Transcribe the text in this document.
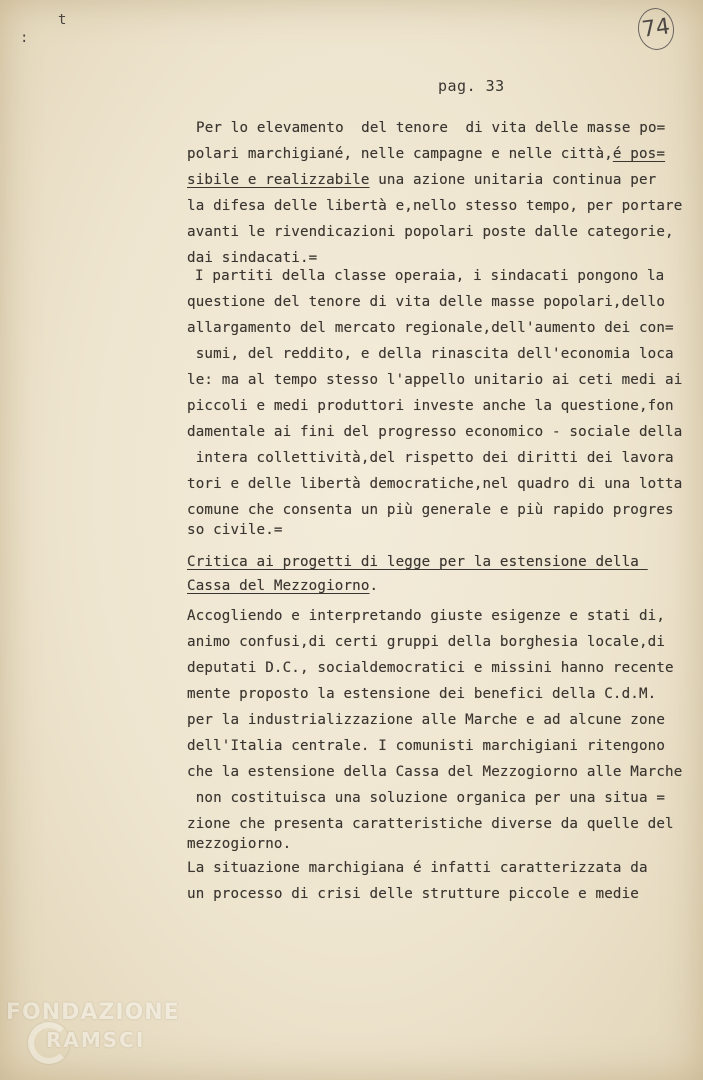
t
:	74
pag. 33
Per lo elevamento  del tenore  di vita delle masse po=
polari marchigiané, nelle campagne e nelle città,é pos=
sibile e realizzabile una azione unitaria continua per
la difesa delle libertà e,nello stesso tempo, per portare
avanti le rivendicazioni popolari poste dalle categorie,
dai sindacati.=
I partiti della classe operaia, i sindacati pongono la
questione del tenore di vita delle masse popolari,dello
allargamento del mercato regionale,dell'aumento dei con=
sumi, del reddito, e della rinascita dell'economia loca
le: ma al tempo stesso l'appello unitario ai ceti medi ai
piccoli e medi produttori investe anche la questione,fon
damentale ai fini del progresso economico - sociale della
intera collettività,del rispetto dei diritti dei lavora
tori e delle libertà democratiche,nel quadro di una lotta
comune che consenta un più generale e più rapido progres
so civile.=
Critica ai progetti di legge per la estensione della
Cassa del Mezzogiorno.
Accogliendo e interpretando giuste esigenze e stati di,
animo confusi,di certi gruppi della borghesia locale,di
deputati D.C., socialdemocratici e missini hanno recente
mente proposto la estensione dei benefici della C.d.M.
per la industrializzazione alle Marche e ad alcune zone
dell'Italia centrale. I comunisti marchigiani ritengono
che la estensione della Cassa del Mezzogiorno alle Marche
non costituisca una soluzione organica per una situa =
zione che presenta caratteristiche diverse da quelle del
mezzogiorno.
La situazione marchigiana é infatti caratterizzata da
un processo di crisi delle strutture piccole e medie
FONDAZIONE
RAMSCI
